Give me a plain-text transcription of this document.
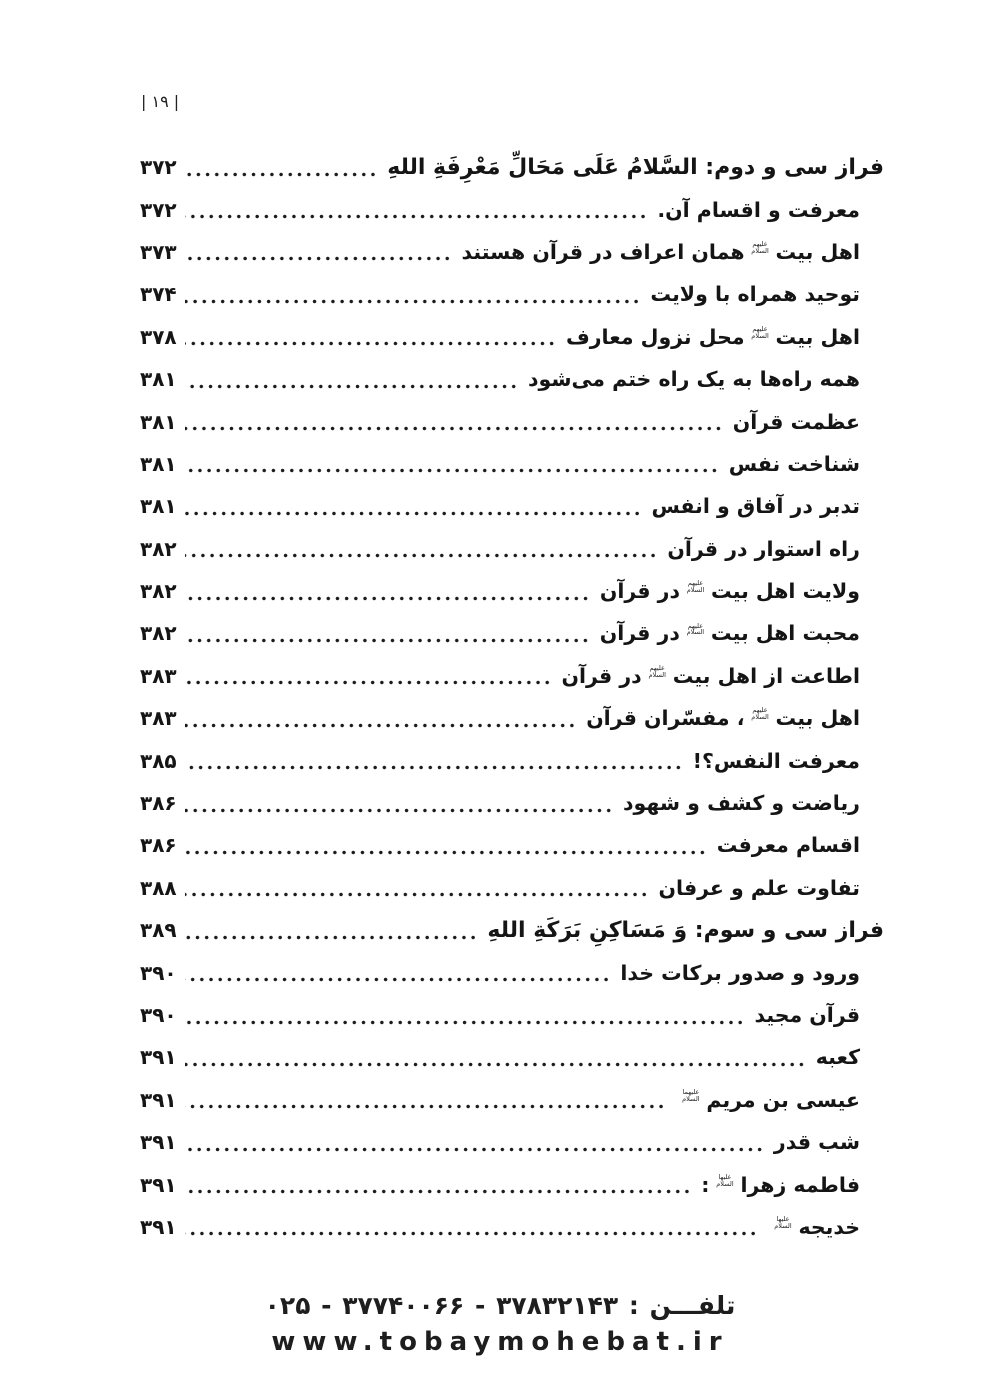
| ۱۹ |
فراز سی و دوم: السَّلامُ عَلَی مَحَالِّ مَعْرِفَةِ اللهِ
۳۷۲
معرفت و اقسام آن.
۳۷۲
اهل بیت
علیهم السلام
همان اعراف در قرآن هستند
۳۷۳
توحید همراه با ولایت
۳۷۴
اهل بیت
علیهم السلام
محل نزول معارف
۳۷۸
همه راه‌ها به یک راه ختم می‌شود
۳۸۱
عظمت قرآن
۳۸۱
شناخت نفس
۳۸۱
تدبر در آفاق و انفس
۳۸۱
راه استوار در قرآن
۳۸۲
ولایت اهل بیت
علیهم السلام
در قرآن
۳۸۲
محبت اهل بیت
علیهم السلام
در قرآن
۳۸۲
اطاعت از اهل بیت
علیهم السلام
در قرآن
۳۸۳
اهل بیت
علیهم السلام
، مفسّران قرآن
۳۸۳
معرفت النفس؟!
۳۸۵
ریاضت و کشف و شهود
۳۸۶
اقسام معرفت
۳۸۶
تفاوت علم و عرفان
۳۸۸
فراز سی و سوم: وَ مَسَاکِنِ بَرَکَةِ اللهِ
۳۸۹
ورود و صدور برکات خدا
۳۹۰
قرآن مجید
۳۹۰
کعبه
۳۹۱
عیسی بن مریم
علیهما السلام
۳۹۱
شب قدر
۳۹۱
فاطمه زهرا
علیها السلام
:
۳۹۱
خدیجه
علیها السلام
۳۹۱
تلفـــن : ۳۷۸۳۲۱۴۳ - ۳۷۷۴۰۰۶۶ - ۰۲۵
www.tobaymohebat.ir
